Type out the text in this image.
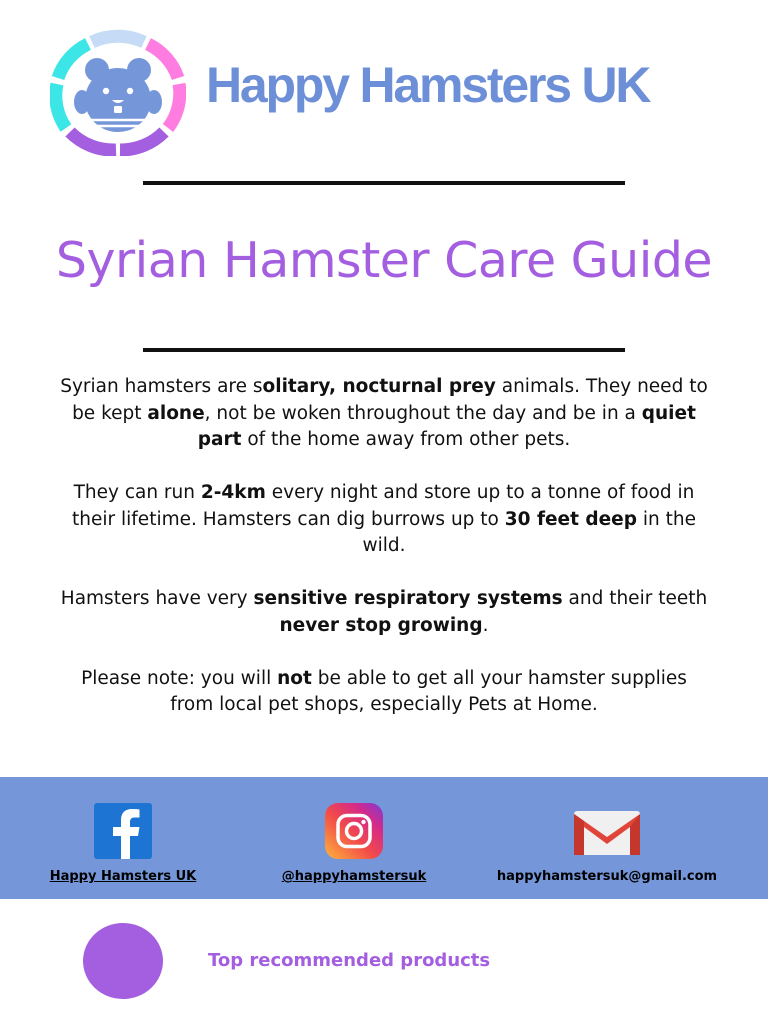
Happy Hamsters UK
Syrian Hamster Care Guide

Syrian hamsters are solitary, nocturnal prey animals. They need to be kept alone, not be woken throughout the day and be in a quiet part of the home away from other pets.

They can run 2-4km every night and store up to a tonne of food in their lifetime. Hamsters can dig burrows up to 30 feet deep in the wild.

Hamsters have very sensitive respiratory systems and their teeth never stop growing.

Please note: you will not be able to get all your hamster supplies from local pet shops, especially Pets at Home.

Happy Hamsters UK	@happyhamstersuk	happyhamstersuk@gmail.com
Top recommended products
